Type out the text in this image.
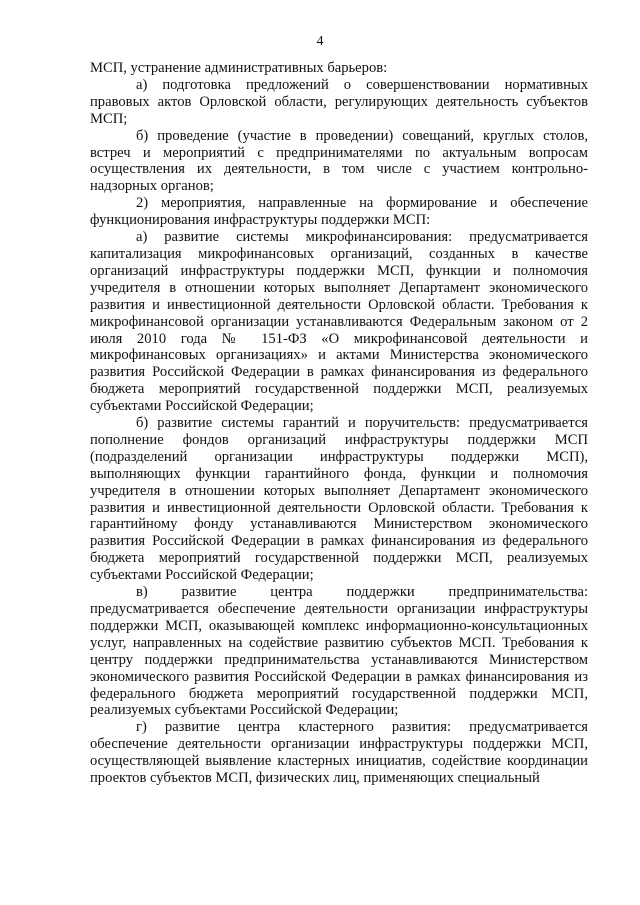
4

МСП, устранение административных барьеров:

а) подготовка предложений о совершенствовании нормативных правовых актов Орловской области, регулирующих деятельность субъектов МСП;

б) проведение (участие в проведении) совещаний, круглых столов, встреч и мероприятий с предпринимателями по актуальным вопросам осуществления их деятельности, в том числе с участием контрольно-надзорных органов;

2) мероприятия, направленные на формирование и обеспечение функционирования инфраструктуры поддержки МСП:

а) развитие системы микрофинансирования: предусматривается капитализация микрофинансовых организаций, созданных в качестве организаций инфраструктуры поддержки МСП, функции и полномочия учредителя в отношении которых выполняет Департамент экономического развития и инвестиционной деятельности Орловской области. Требования к микрофинансовой организации устанавливаются Федеральным законом от 2 июля 2010 года № 151-ФЗ «О микрофинансовой деятельности и микрофинансовых организациях» и актами Министерства экономического развития Российской Федерации в рамках финансирования из федерального бюджета мероприятий государственной поддержки МСП, реализуемых субъектами Российской Федерации;

б) развитие системы гарантий и поручительств: предусматривается пополнение фондов организаций инфраструктуры поддержки МСП (подразделений организации инфраструктуры поддержки МСП), выполняющих функции гарантийного фонда, функции и полномочия учредителя в отношении которых выполняет Департамент экономического развития и инвестиционной деятельности Орловской области. Требования к гарантийному фонду устанавливаются Министерством экономического развития Российской Федерации в рамках финансирования из федерального бюджета мероприятий государственной поддержки МСП, реализуемых субъектами Российской Федерации;

в) развитие центра поддержки предпринимательства: предусматривается обеспечение деятельности организации инфраструктуры поддержки МСП, оказывающей комплекс информационно-консультационных услуг, направленных на содействие развитию субъектов МСП. Требования к центру поддержки предпринимательства устанавливаются Министерством экономического развития Российской Федерации в рамках финансирования из федерального бюджета мероприятий государственной поддержки МСП, реализуемых субъектами Российской Федерации;

г) развитие центра кластерного развития: предусматривается обеспечение деятельности организации инфраструктуры поддержки МСП, осуществляющей выявление кластерных инициатив, содействие координации проектов субъектов МСП, физических лиц, применяющих специальный
